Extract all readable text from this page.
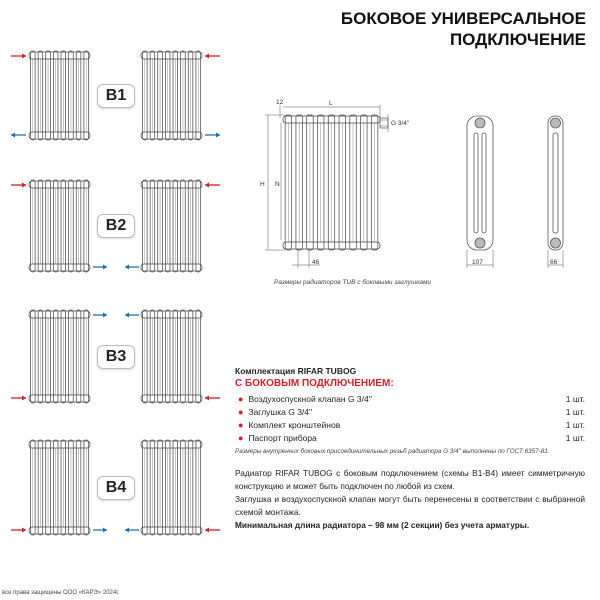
БОКОВОЕ УНИВЕРСАЛЬНОЕ
ПОДКЛЮЧЕНИЕ
B1
B2
B3
B4
12	L
G 3/4''
H N
46	107	66
Размеры радиаторов TUB с боковыми заглушками
Комплектация RIFAR TUBOG
С БОКОВЫМ ПОДКЛЮЧЕНИЕМ:
● Воздухоспускной клапан G 3/4''	1 шт.
● Заглушка G 3/4''	1 шт.
● Комплект кронштейнов	1 шт.
● Паспорт прибора	1 шт.
Размеры внутренних боковых присоединительных резьб радиатора G 3/4'' выполнены по ГОСТ 6357-81.
Радиатор RIFAR TUBOG с боковым подключением (схемы В1-В4) имеет симметричную конструкцию и может быть подключен по любой из схем.
Заглушка и воздухоспускной клапан могут быть перенесены в соответствии с выбранной схемой монтажа.
Минимальная длина радиатора – 98 мм (2 секции) без учета арматуры.
все права защищены ООО «КАРЭ» 2024г.
